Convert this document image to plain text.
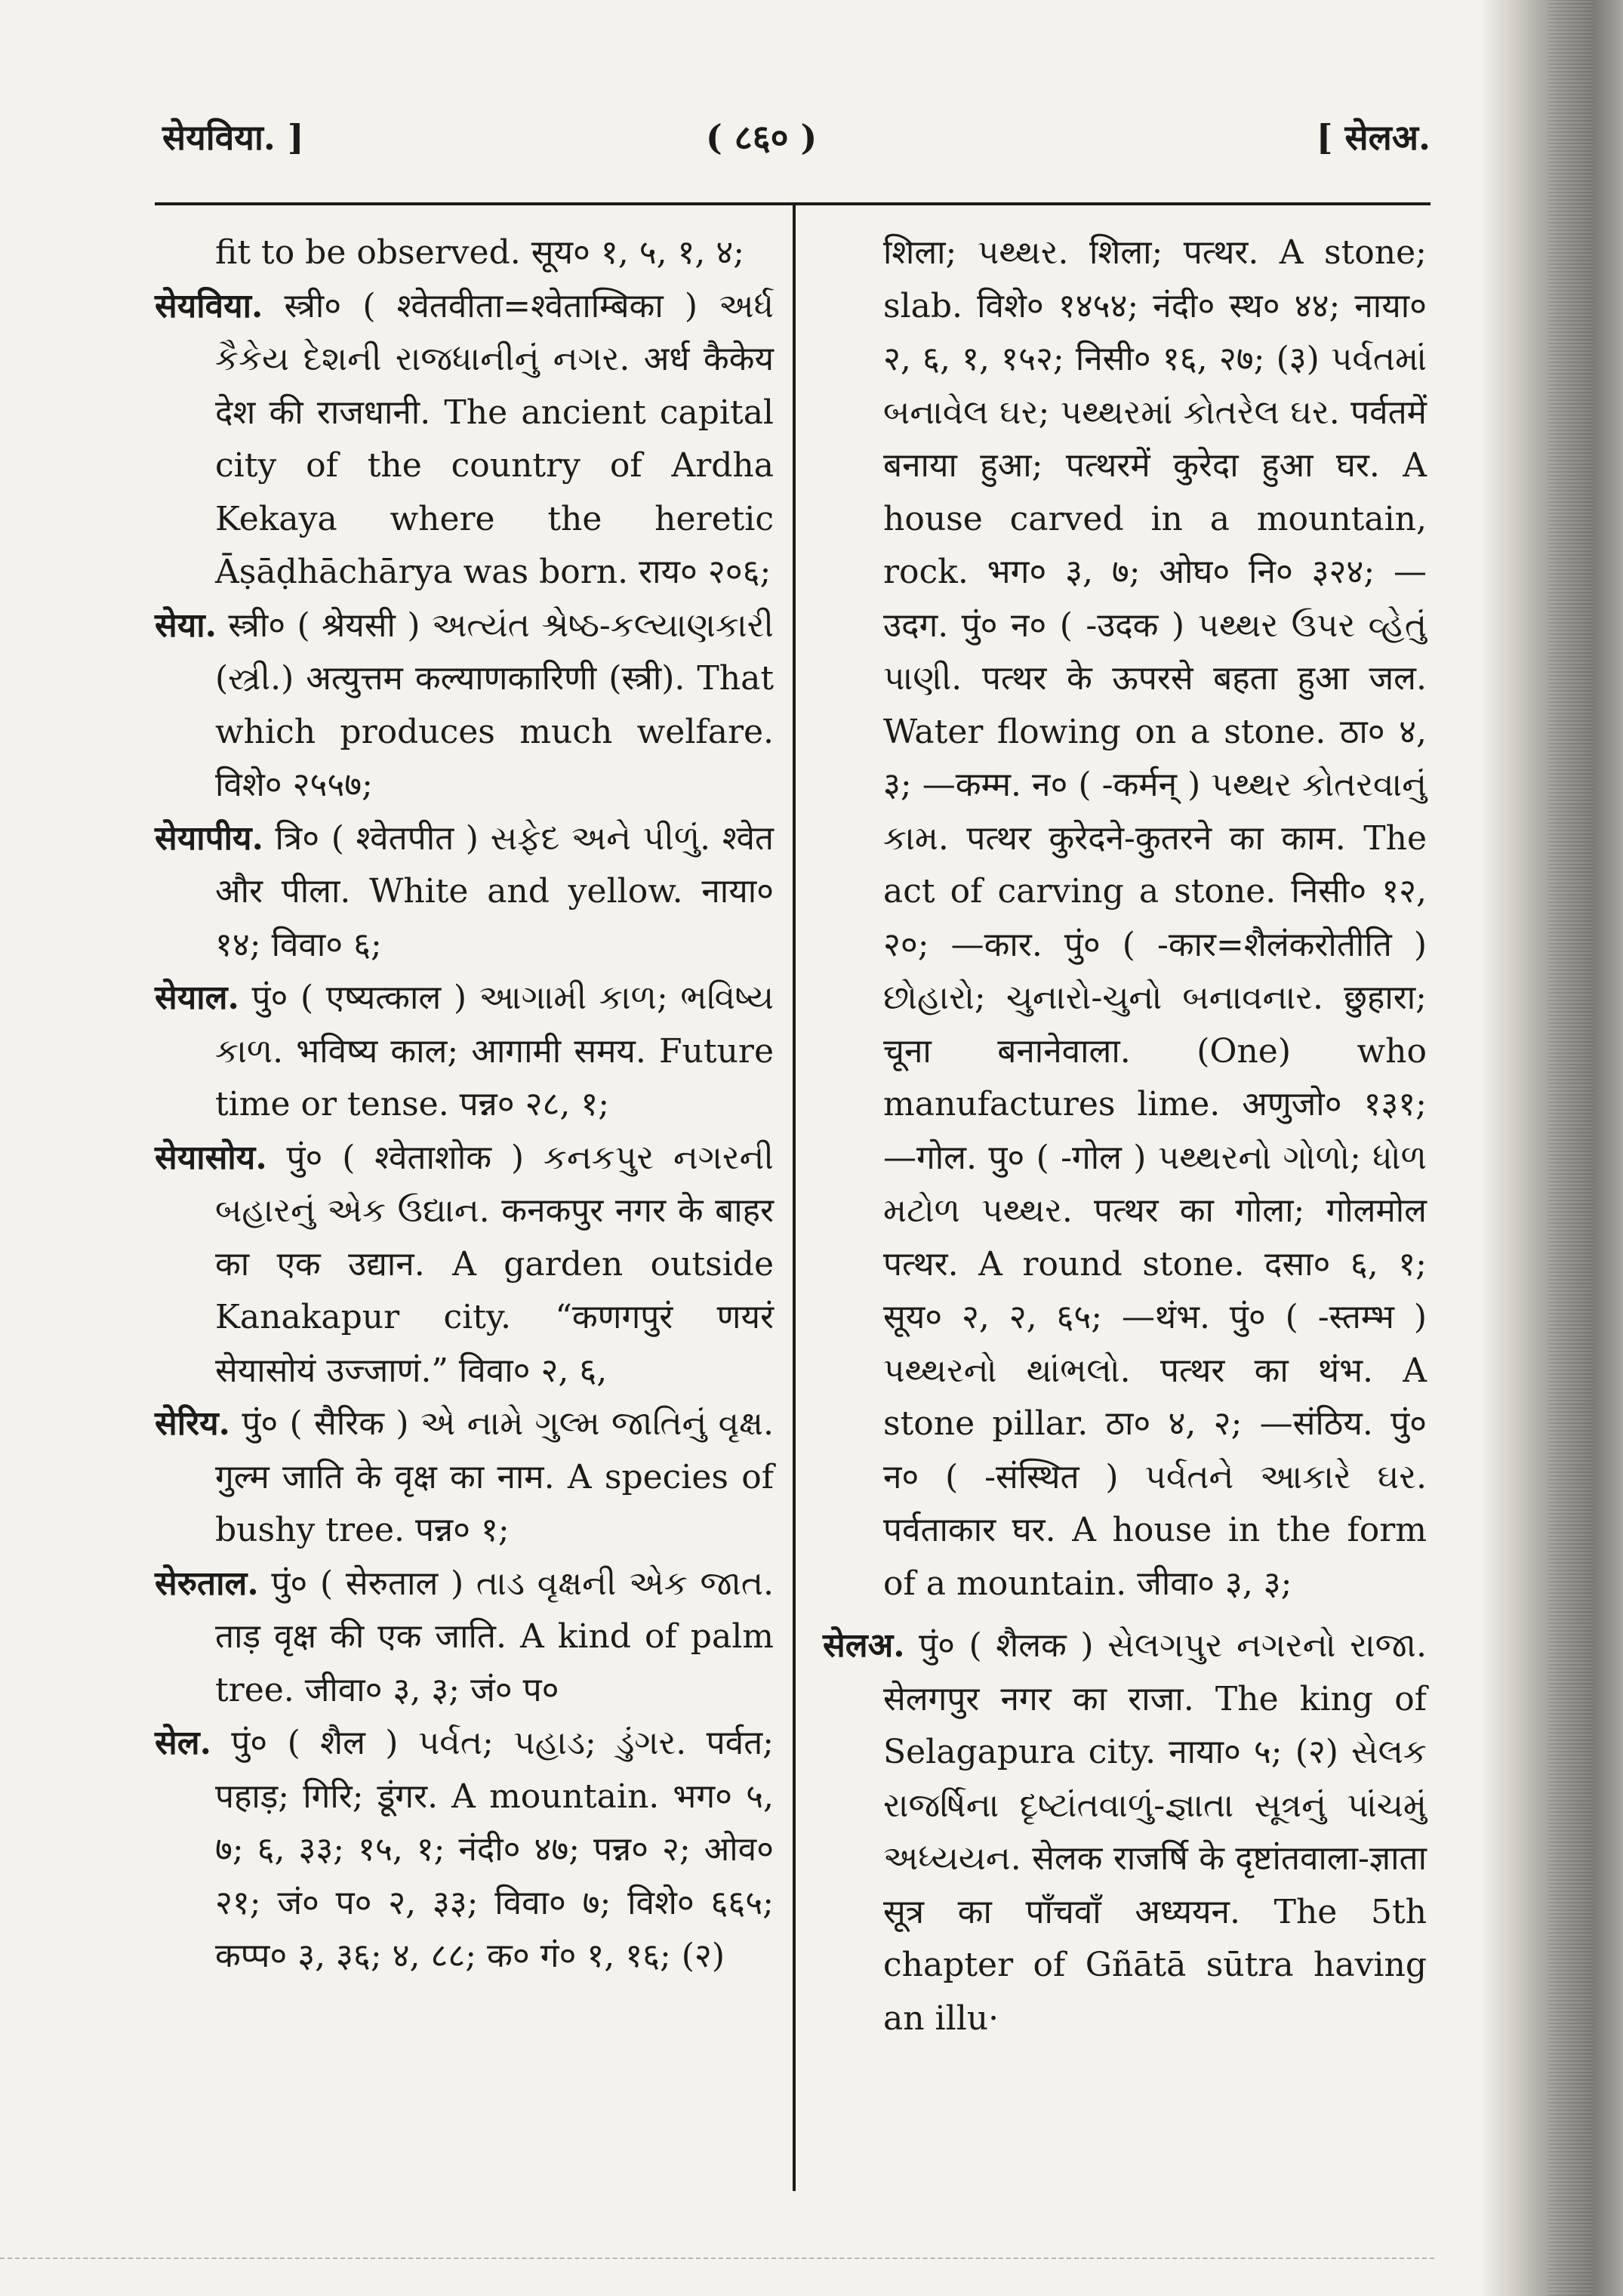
सेयविया. ]	( ८६० )	[ सेलअ.

fit to be observed. सूय० १, ५, १, ४;

सेयविया. स्त्री० ( श्वेतवीता=श्वेताम्बिका ) અર્ધ કૈકેય દેશની રાજધાનીનું નગર. अर्ध कैकेय देश की राजधानी. The ancient capital city of the country of Ardha Kekaya where the heretic Āṣāḍhāchārya was born. राय० २०६;

सेया. स्त्री० ( श्रेयसी ) અત્યંત શ્રેષ્ઠ-કલ્યાણકારી (સ્ત્રી.) अत्युत्तम कल्याणकारिणी (स्त्री). That which produces much welfare. विशे० २५५७;

सेयापीय. त्रि० ( श्वेतपीत ) સફેદ અને પીળું. श्वेत और पीला. White and yellow. नाया० १४; विवा० ६;

सेयाल. पुं० ( एष्यत्काल ) આગામી કાળ; ભવિષ્ય કાળ. भविष्य काल; आगामी समय. Future time or tense. पन्न० २८, १;

सेयासोय. पुं० ( श्वेताशोक ) કનકપુર નગરની બહારનું એક ઉદ્યાન. कनकपुर नगर के बाहर का एक उद्यान. A garden outside Kanakapur city. “कणगपुरं णयरं सेयासोयं उज्जाणं.” विवा० २, ६,

सेरिय. पुं० ( सैरिक ) એ નામે ગુલ્મ જાતિનું વૃક્ષ. गुल्म जाति के वृक्ष का नाम. A species of bushy tree. पन्न० १;

सेरुताल. पुं० ( सेरुताल ) તાડ વૃક્ષની એક જાત. ताड़ वृक्ष की एक जाति. A kind of palm tree. जीवा० ३, ३; जं० प०

सेल. पुं० ( शैल ) પર્વત; પહાડ; ડુંગર. पर्वत; पहाड़; गिरि; डूंगर. A mountain. भग० ५, ७; ६, ३३; १५, १; नंदी० ४७; पन्न० २; ओव० २१; जं० प० २, ३३; विवा० ७; विशे० ६६५; कप्प० ३, ३६; ४, ८८; क० गं० १, १६; (२)

शिला; પથ્થર. शिला; पत्थर. A stone; slab. विशे० १४५४; नंदी० स्थ० ४४; नाया० २, ६, १, १५२; निसी० १६, २७; (३) પર્વતમાં બનાવેલ ઘર; પથ્થરમાં કોતરેલ ઘર. पर्वतमें बनाया हुआ; पत्थरमें कुरेदा हुआ घर. A house carved in a mountain, rock. भग० ३, ७; ओघ० नि० ३२४; —उदग. पुं० न० ( -उदक ) પથ્થર ઉપર વ્હેતું પાણી. पत्थर के ऊपरसे बहता हुआ जल. Water flowing on a stone. ठा० ४, ३; —कम्म. न० ( -कर्मन् ) પથ્થર કોતરવાનું કામ. पत्थर कुरेदने-कुतरने का काम. The act of carving a stone. निसी० १२, २०; —कार. पुं० ( -कार=शैलंकरोतीति ) છોહારો; ચુનારો-ચુનો બનાવનાર. छुहारा; चूना बनानेवाला. (One) who manufactures lime. अणुजो० १३१; —गोल. पु० ( -गोल ) પથ્થરનો ગોળો; ધોળ મટોળ પથ્થર. पत्थर का गोला; गोलमोल पत्थर. A round stone. दसा० ६, १; सूय० २, २, ६५; —थंभ. पुं० ( -स्तम्भ ) પથ્થરનો થાંભલો. पत्थर का थंभ. A stone pillar. ठा० ४, २; —संठिय. पुं० न० ( -संस्थित ) પર્વતને આકારે ઘર. पर्वताकार घर. A house in the form of a mountain. जीवा० ३, ३;

सेलअ. पुं० ( शैलक ) સેલગપુર નગરનો રાજા. सेलगपुर नगर का राजा. The king of Selagapura city. नाया० ५; (२) સેલક રાજર્ષિના દૃષ્ટાંતવાળું-જ્ઞાતા સૂત્રનું પાંચમું અધ્યયન. सेलक राजर्षि के दृष्टांतवाला-ज्ञाता सूत्र का पाँचवाँ अध्ययन. The 5th chapter of Gñātā sūtra having an illu·
